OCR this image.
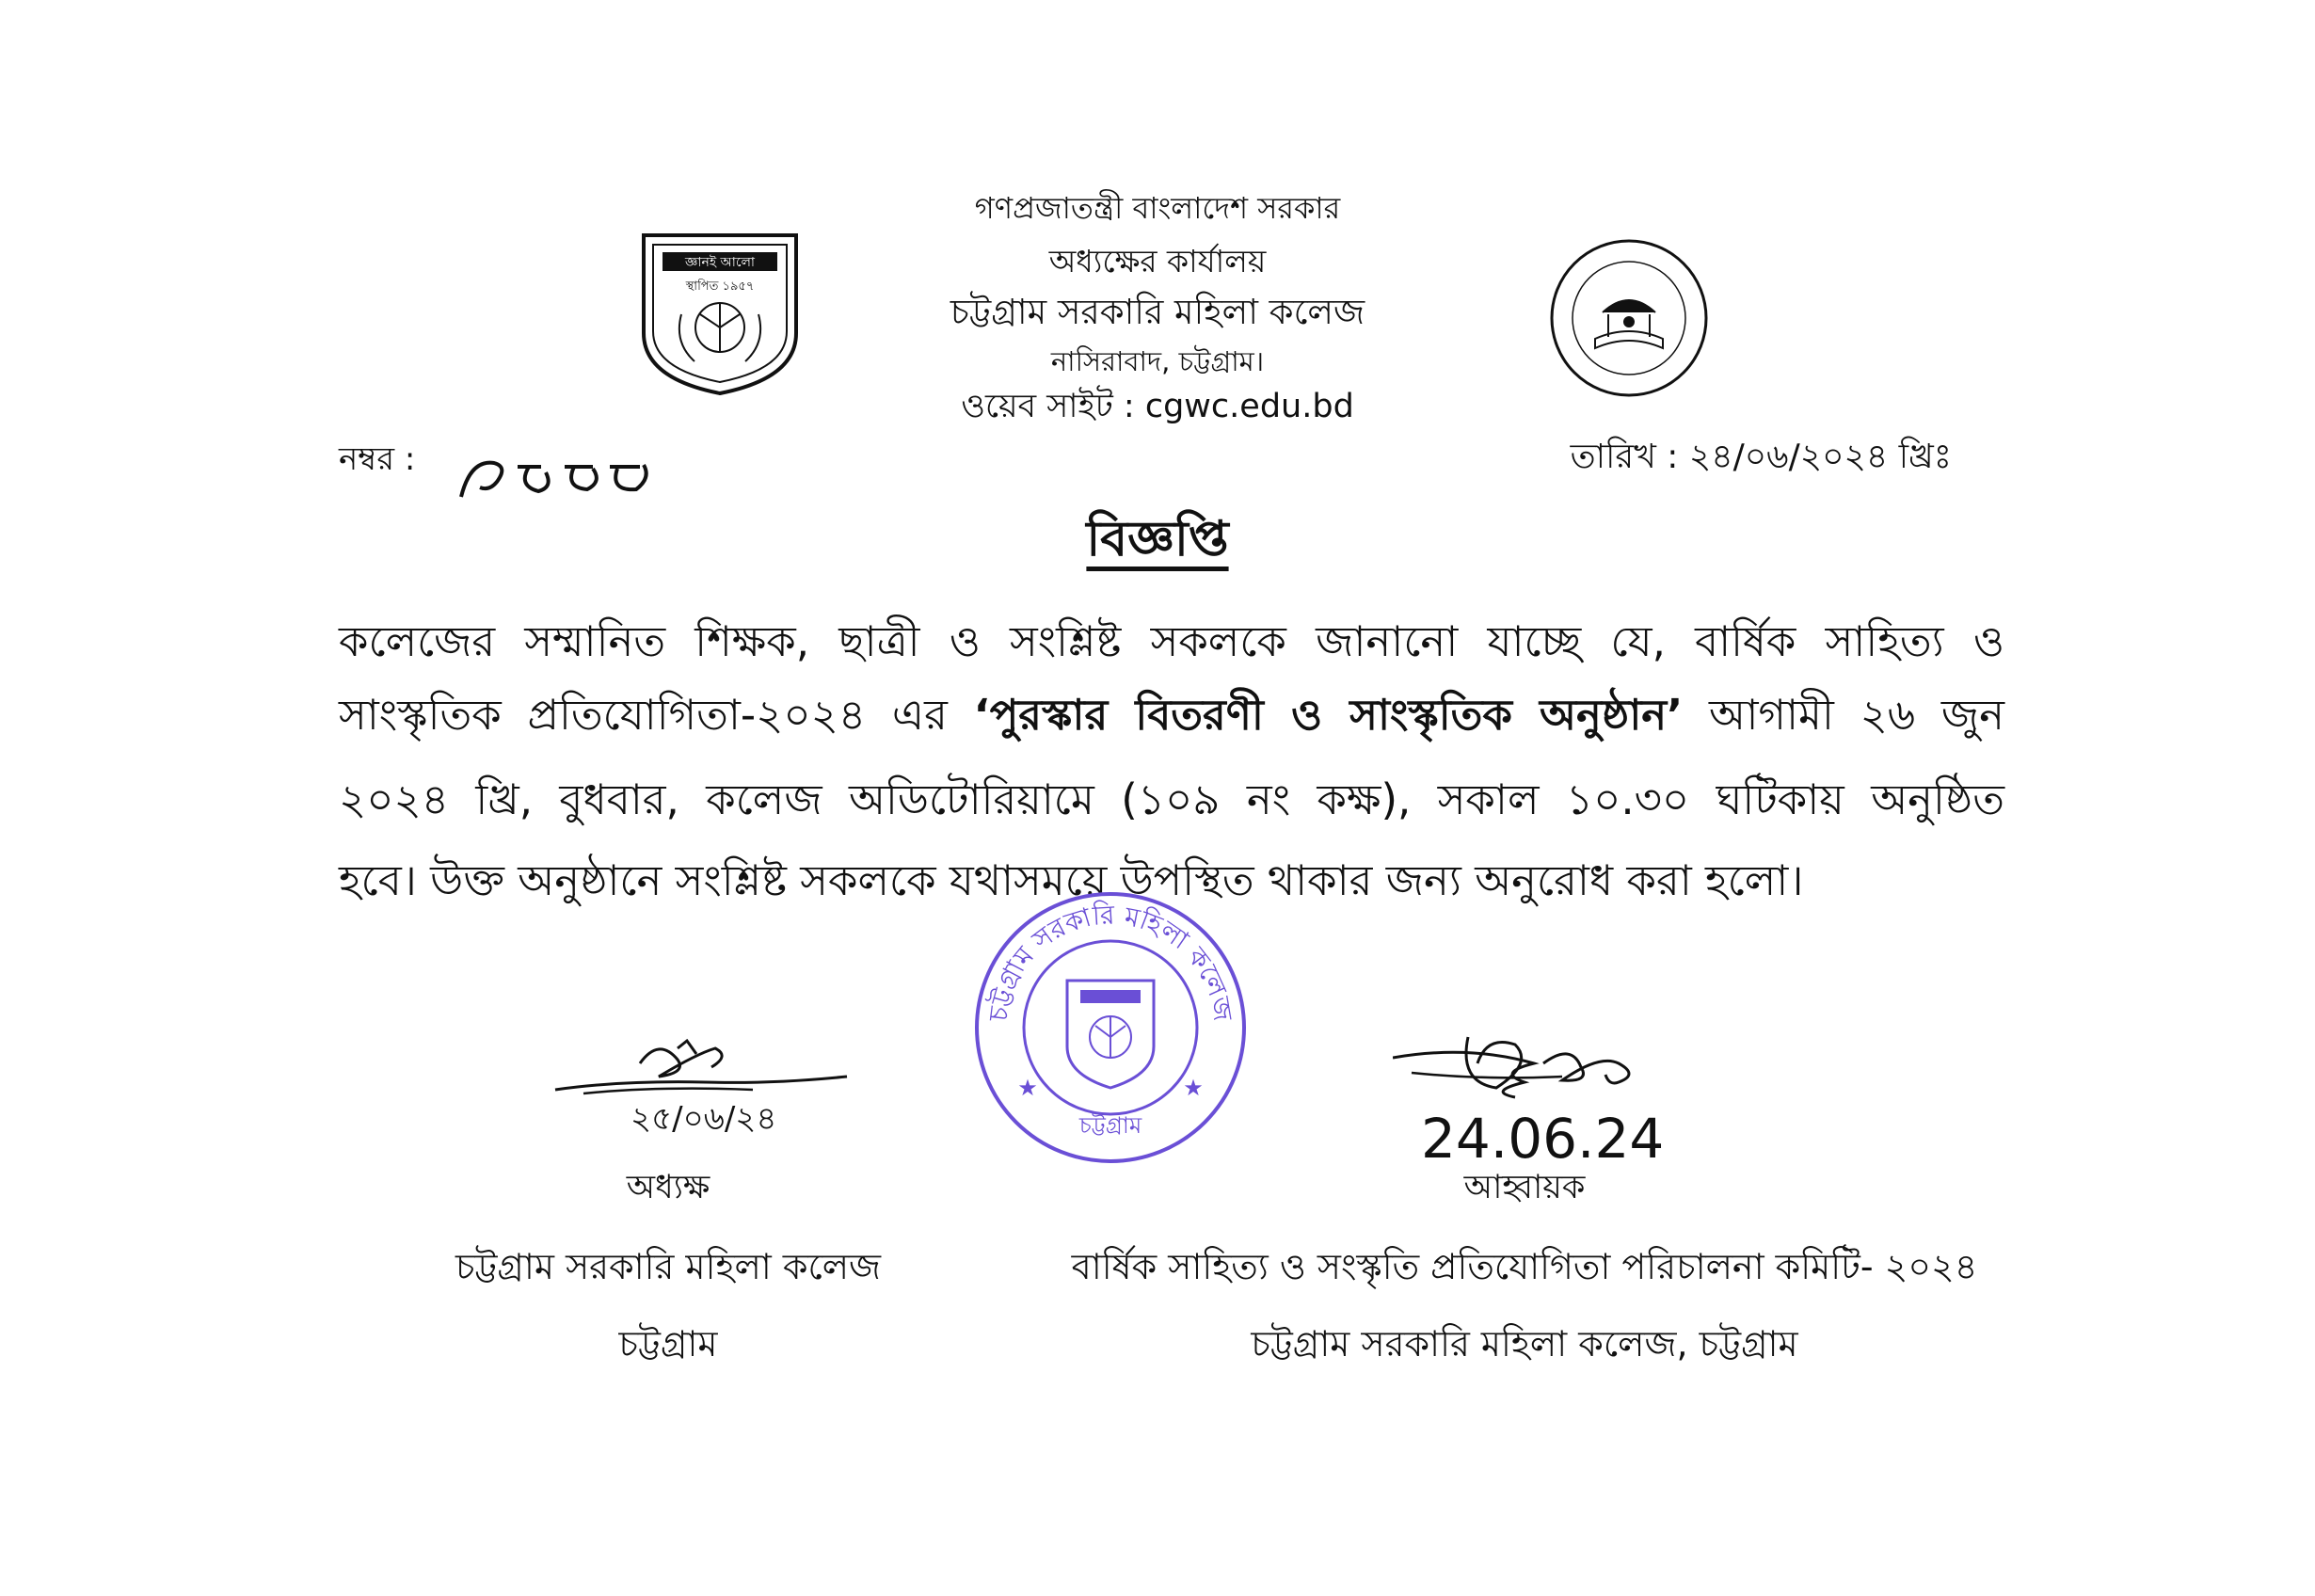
গণপ্রজাতন্ত্রী বাংলাদেশ সরকার
অধ্যক্ষের কার্যালয়
চট্টগ্রাম সরকারি মহিলা কলেজ
নাসিরাবাদ, চট্টগ্রাম।
ওয়েব সাইট : cgwc.edu.bd
জ্ঞানই আলো
স্থাপিত ১৯৫৭
নম্বর :	তারিখ : ২৪/০৬/২০২৪ খ্রিঃ
বিজ্ঞপ্তি
কলেজের সম্মানিত শিক্ষক, ছাত্রী ও সংশ্লিষ্ট সকলকে জানানো যাচ্ছে যে, বার্ষিক সাহিত্য ও
সাংস্কৃতিক প্রতিযোগিতা-২০২৪ এর ‘পুরস্কার বিতরণী ও সাংস্কৃতিক অনুষ্ঠান’ আগামী ২৬ জুন
২০২৪ খ্রি, বুধবার, কলেজ অডিটোরিয়ামে (১০৯ নং কক্ষ), সকাল ১০.৩০ ঘটিকায় অনুষ্ঠিত
হবে। উক্ত অনুষ্ঠানে সংশ্লিষ্ট সকলকে যথাসময়ে উপস্থিত থাকার জন্য অনুরোধ করা হলো।
চট্টগ্রাম সরকারি মহিলা কলেজ
চট্টগ্রাম
★	★
২৫/০৬/২৪	24.06.24
অধ্যক্ষ
চট্টগ্রাম সরকারি মহিলা কলেজ
চট্টগ্রাম
আহ্বায়ক
বার্ষিক সাহিত্য ও সংস্কৃতি প্রতিযোগিতা পরিচালনা কমিটি- ২০২৪
চট্টগ্রাম সরকারি মহিলা কলেজ, চট্টগ্রাম
